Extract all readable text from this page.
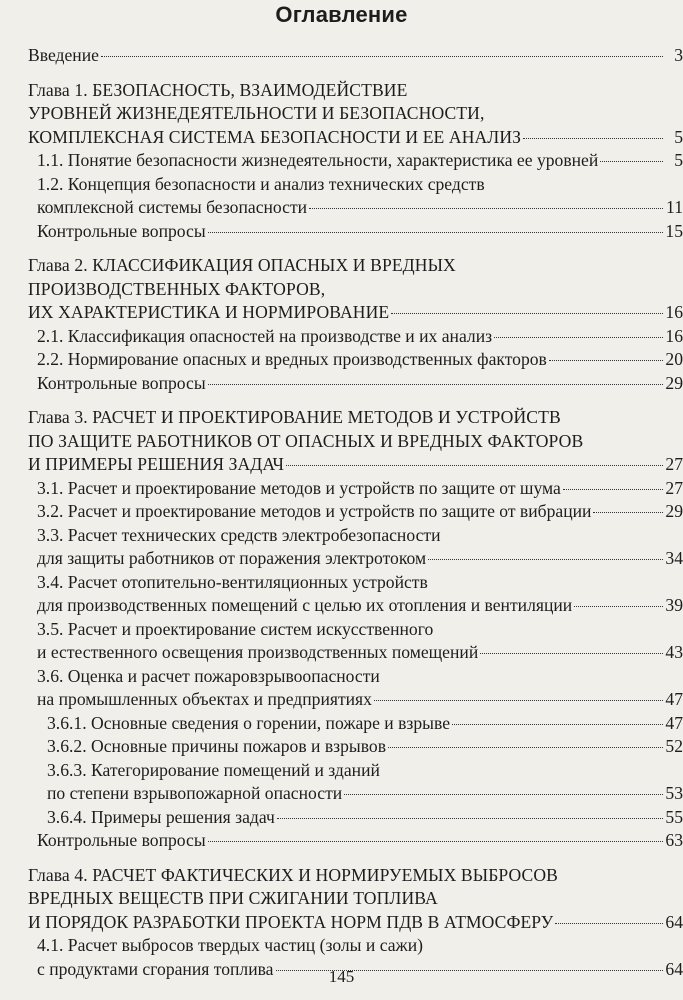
Оглавление
Введение	3
Глава 1. БЕЗОПАСНОСТЬ, ВЗАИМОДЕЙСТВИЕ
УРОВНЕЙ ЖИЗНЕДЕЯТЕЛЬНОСТИ И БЕЗОПАСНОСТИ,
КОМПЛЕКСНАЯ СИСТЕМА БЕЗОПАСНОСТИ И ЕЕ АНАЛИЗ	5
1.1. Понятие безопасности жизнедеятельности, характеристика ее уровней	5
1.2. Концепция безопасности и анализ технических средств
комплексной системы безопасности	11
Контрольные вопросы	15
Глава 2. КЛАССИФИКАЦИЯ ОПАСНЫХ И ВРЕДНЫХ
ПРОИЗВОДСТВЕННЫХ ФАКТОРОВ,
ИХ ХАРАКТЕРИСТИКА И НОРМИРОВАНИЕ	16
2.1. Классификация опасностей на производстве и их анализ	16
2.2. Нормирование опасных и вредных производственных факторов	20
Контрольные вопросы	29
Глава 3. РАСЧЕТ И ПРОЕКТИРОВАНИЕ МЕТОДОВ И УСТРОЙСТВ
ПО ЗАЩИТЕ РАБОТНИКОВ ОТ ОПАСНЫХ И ВРЕДНЫХ ФАКТОРОВ
И ПРИМЕРЫ РЕШЕНИЯ ЗАДАЧ	27
3.1. Расчет и проектирование методов и устройств по защите от шума	27
3.2. Расчет и проектирование методов и устройств по защите от вибрации	29
3.3. Расчет технических средств электробезопасности
для защиты работников от поражения электротоком	34
3.4. Расчет отопительно-вентиляционных устройств
для производственных помещений с целью их отопления и вентиляции	39
3.5. Расчет и проектирование систем искусственного
и естественного освещения производственных помещений	43
3.6. Оценка и расчет пожаровзрывоопасности
на промышленных объектах и предприятиях	47
3.6.1. Основные сведения о горении, пожаре и взрыве	47
3.6.2. Основные причины пожаров и взрывов	52
3.6.3. Категорирование помещений и зданий
по степени взрывопожарной опасности	53
3.6.4. Примеры решения задач	55
Контрольные вопросы	63
Глава 4. РАСЧЕТ ФАКТИЧЕСКИХ И НОРМИРУЕМЫХ ВЫБРОСОВ
ВРЕДНЫХ ВЕЩЕСТВ ПРИ СЖИГАНИИ ТОПЛИВА
И ПОРЯДОК РАЗРАБОТКИ ПРОЕКТА НОРМ ПДВ В АТМОСФЕРУ	64
4.1. Расчет выбросов твердых частиц (золы и сажи)
с продуктами сгорания топлива	64
145
